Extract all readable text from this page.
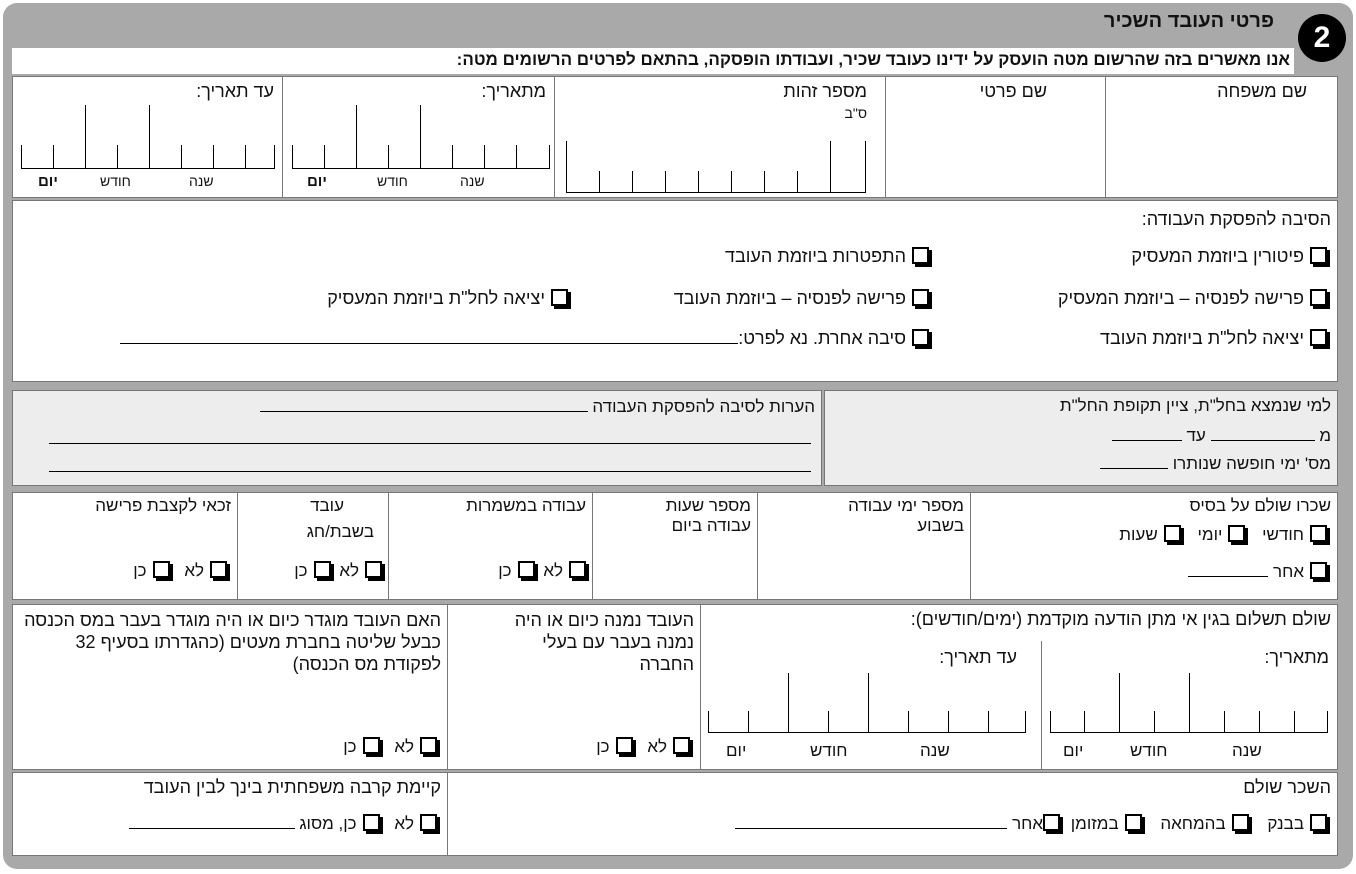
2
פרטי העובד השכיר
אנו מאשרים בזה שהרשום מטה הועסק על ידינו כעובד שכיר, ועבודתו הופסקה, בהתאם לפרטים הרשומים מטה:
שם משפחה
שם פרטי
מספר זהות
ס"ב
מתאריך:
יום	חודש	שנה
עד תאריך:
יום	חודש	שנה
הסיבה להפסקת העבודה:
פיטורין ביוזמת המעסיק
התפטרות ביוזמת העובד
פרישה לפנסיה – ביוזמת המעסיק
פרישה לפנסיה – ביוזמת העובד
יציאה לחל"ת ביוזמת המעסיק
יציאה לחל"ת ביוזמת העובד
סיבה אחרת. נא לפרט:
למי שנמצא בחל"ת, ציין תקופת החל"ת
מ  עד
מס' ימי חופשה שנותרו
הערות לסיבה להפסקת העבודה
שכרו שולם על בסיס
חודשי יומי שעות
אחר
מספר ימי עבודה בשבוע
מספר שעות עבודה ביום
עבודה במשמרות
לא כן
עובד
בשבת/חג
לא כן
זכאי לקצבת פרישה
לא כן
שולם תשלום בגין אי מתן הודעה מוקדמת (ימים/חודשים):
מתאריך:
יום	חודש	שנה
עד תאריך:
יום	חודש	שנה
העובד נמנה כיום או היה נמנה בעבר עם בעלי החברה
לא כן
האם העובד מוגדר כיום או היה מוגדר בעבר במס הכנסה כבעל שליטה בחברת מעטים (כהגדרתו בסעיף 32 לפקודת מס הכנסה)
לא כן
השכר שולם
בבנק בהמחאה במזומן אחר
קיימת קרבה משפחתית בינך לבין העובד
לא כן, מסוג
